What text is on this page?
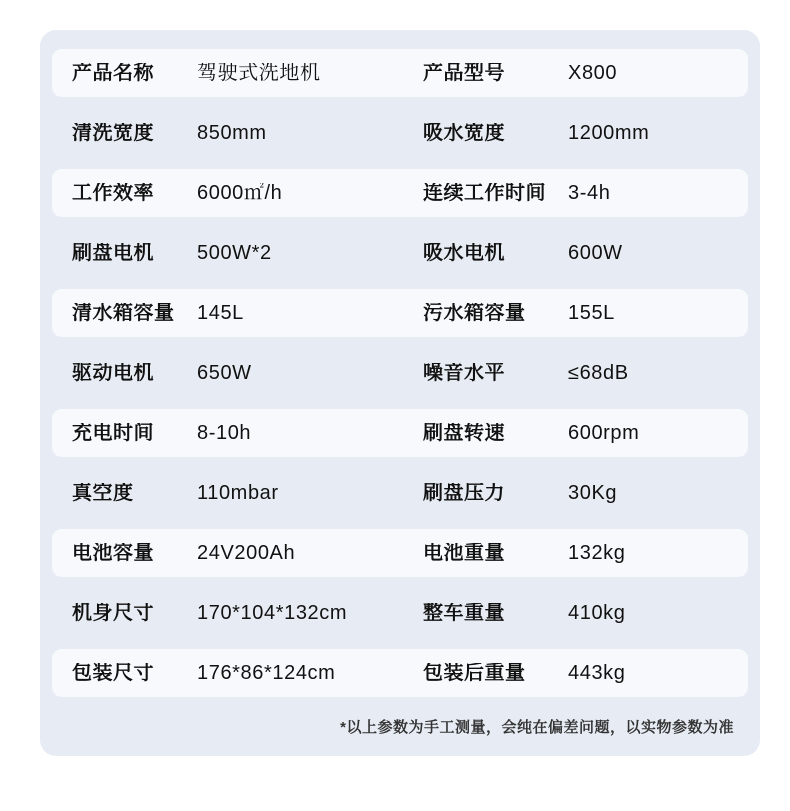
产品名称	驾驶式洗地机	产品型号	X800
清洗宽度	850mm	吸水宽度	1200mm
工作效率	6000㎡/h	连续工作时间	3-4h
刷盘电机	500W*2	吸水电机	600W
清水箱容量	145L	污水箱容量	155L
驱动电机	650W	噪音水平	≤68dB
充电时间	8-10h	刷盘转速	600rpm
真空度	110mbar	刷盘压力	30Kg
电池容量	24V200Ah	电池重量	132kg
机身尺寸	170*104*132cm	整车重量	410kg
包装尺寸	176*86*124cm	包装后重量	443kg
*以上参数为手工测量，会纯在偏差问题，以实物参数为准
